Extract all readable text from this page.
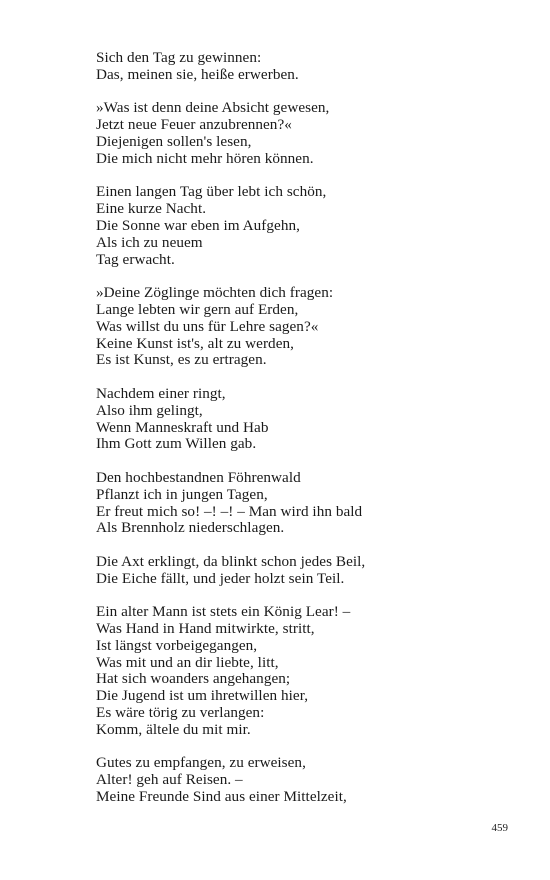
Sich den Tag zu gewinnen:
Das, meinen sie, heiße erwerben.
»Was ist denn deine Absicht gewesen,
Jetzt neue Feuer anzubrennen?«
Diejenigen sollen's lesen,
Die mich nicht mehr hören können.
Einen langen Tag über lebt ich schön,
Eine kurze Nacht.
Die Sonne war eben im Aufgehn,
Als ich zu neuem
Tag erwacht.
»Deine Zöglinge möchten dich fragen:
Lange lebten wir gern auf Erden,
Was willst du uns für Lehre sagen?«
Keine Kunst ist's, alt zu werden,
Es ist Kunst, es zu ertragen.
Nachdem einer ringt,
Also ihm gelingt,
Wenn Manneskraft und Hab
Ihm Gott zum Willen gab.
Den hochbestandnen Föhrenwald
Pflanzt ich in jungen Tagen,
Er freut mich so! –! –! – Man wird ihn bald
Als Brennholz niederschlagen.
Die Axt erklingt, da blinkt schon jedes Beil,
Die Eiche fällt, und jeder holzt sein Teil.
Ein alter Mann ist stets ein König Lear! –
Was Hand in Hand mitwirkte, stritt,
Ist längst vorbeigegangen,
Was mit und an dir liebte, litt,
Hat sich woanders angehangen;
Die Jugend ist um ihretwillen hier,
Es wäre törig zu verlangen:
Komm, ältele du mit mir.
Gutes zu empfangen, zu erweisen,
Alter! geh auf Reisen. –
Meine Freunde Sind aus einer Mittelzeit,
459
